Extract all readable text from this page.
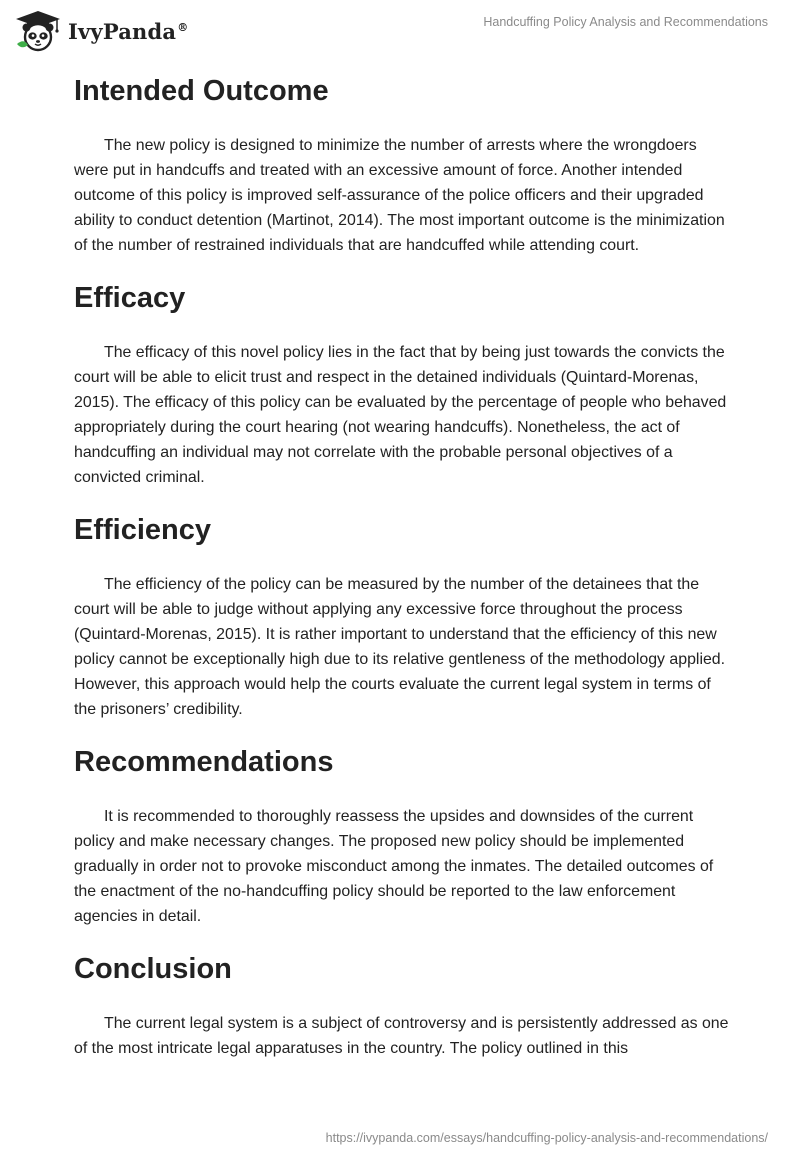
IvyPanda®	Handcuffing Policy Analysis and Recommendations
Intended Outcome

The new policy is designed to minimize the number of arrests where the wrongdoers were put in handcuffs and treated with an excessive amount of force. Another intended outcome of this policy is improved self-assurance of the police officers and their upgraded ability to conduct detention (Martinot, 2014). The most important outcome is the minimization of the number of restrained individuals that are handcuffed while attending court.

Efficacy

The efficacy of this novel policy lies in the fact that by being just towards the convicts the court will be able to elicit trust and respect in the detained individuals (Quintard-Morenas, 2015). The efficacy of this policy can be evaluated by the percentage of people who behaved appropriately during the court hearing (not wearing handcuffs). Nonetheless, the act of handcuffing an individual may not correlate with the probable personal objectives of a convicted criminal.

Efficiency

The efficiency of the policy can be measured by the number of the detainees that the court will be able to judge without applying any excessive force throughout the process (Quintard-Morenas, 2015). It is rather important to understand that the efficiency of this new policy cannot be exceptionally high due to its relative gentleness of the methodology applied. However, this approach would help the courts evaluate the current legal system in terms of the prisoners’ credibility.

Recommendations

It is recommended to thoroughly reassess the upsides and downsides of the current policy and make necessary changes. The proposed new policy should be implemented gradually in order not to provoke misconduct among the inmates. The detailed outcomes of the enactment of the no-handcuffing policy should be reported to the law enforcement agencies in detail.

Conclusion

The current legal system is a subject of controversy and is persistently addressed as one of the most intricate legal apparatuses in the country. The policy outlined in this

https://ivypanda.com/essays/handcuffing-policy-analysis-and-recommendations/
